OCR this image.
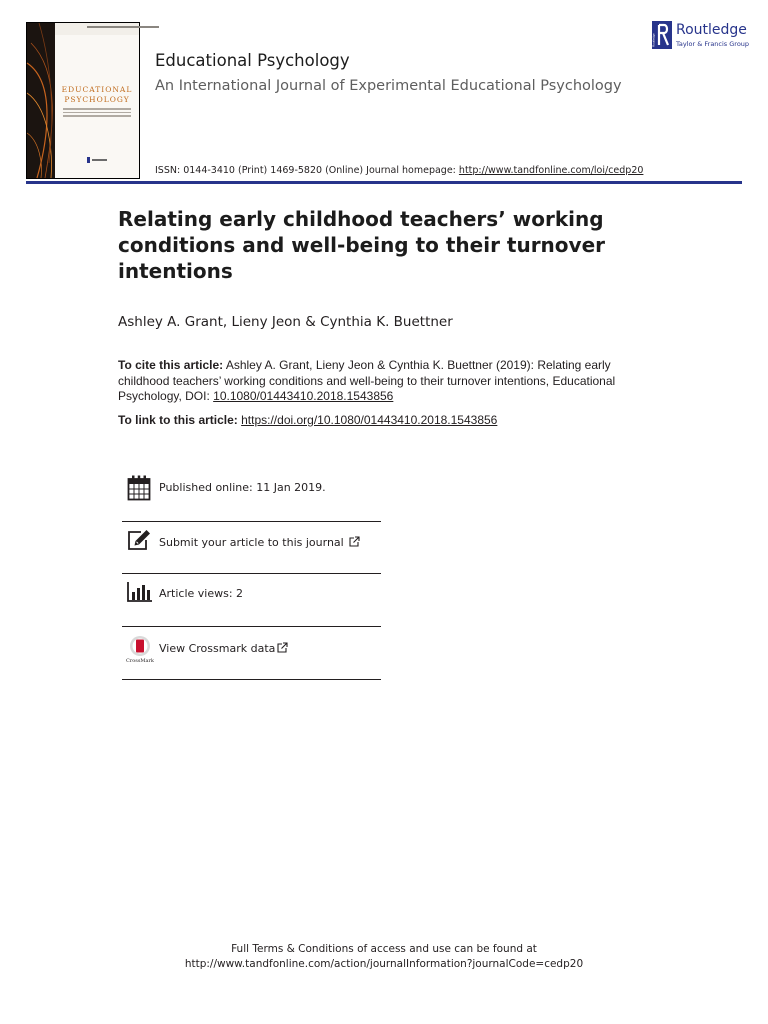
EDUCATIONAL
PSYCHOLOGY
Educational Psychology
An International Journal of Experimental Educational Psychology
ISSN: 0144-3410 (Print) 1469-5820 (Online) Journal homepage: http://www.tandfonline.com/loi/cedp20
Routledge
Routledge
Taylor & Francis Group
Relating early childhood teachers’ working conditions and well-being to their turnover intentions
Ashley A. Grant, Lieny Jeon & Cynthia K. Buettner
To cite this article: Ashley A. Grant, Lieny Jeon & Cynthia K. Buettner (2019): Relating early childhood teachers’ working conditions and well-being to their turnover intentions, Educational Psychology, DOI: 10.1080/01443410.2018.1543856
To link to this article: https://doi.org/10.1080/01443410.2018.1543856
Published online: 11 Jan 2019.
Submit your article to this journal
Article views: 2
CrossMark
View Crossmark data
Full Terms & Conditions of access and use can be found at
http://www.tandfonline.com/action/journalInformation?journalCode=cedp20
